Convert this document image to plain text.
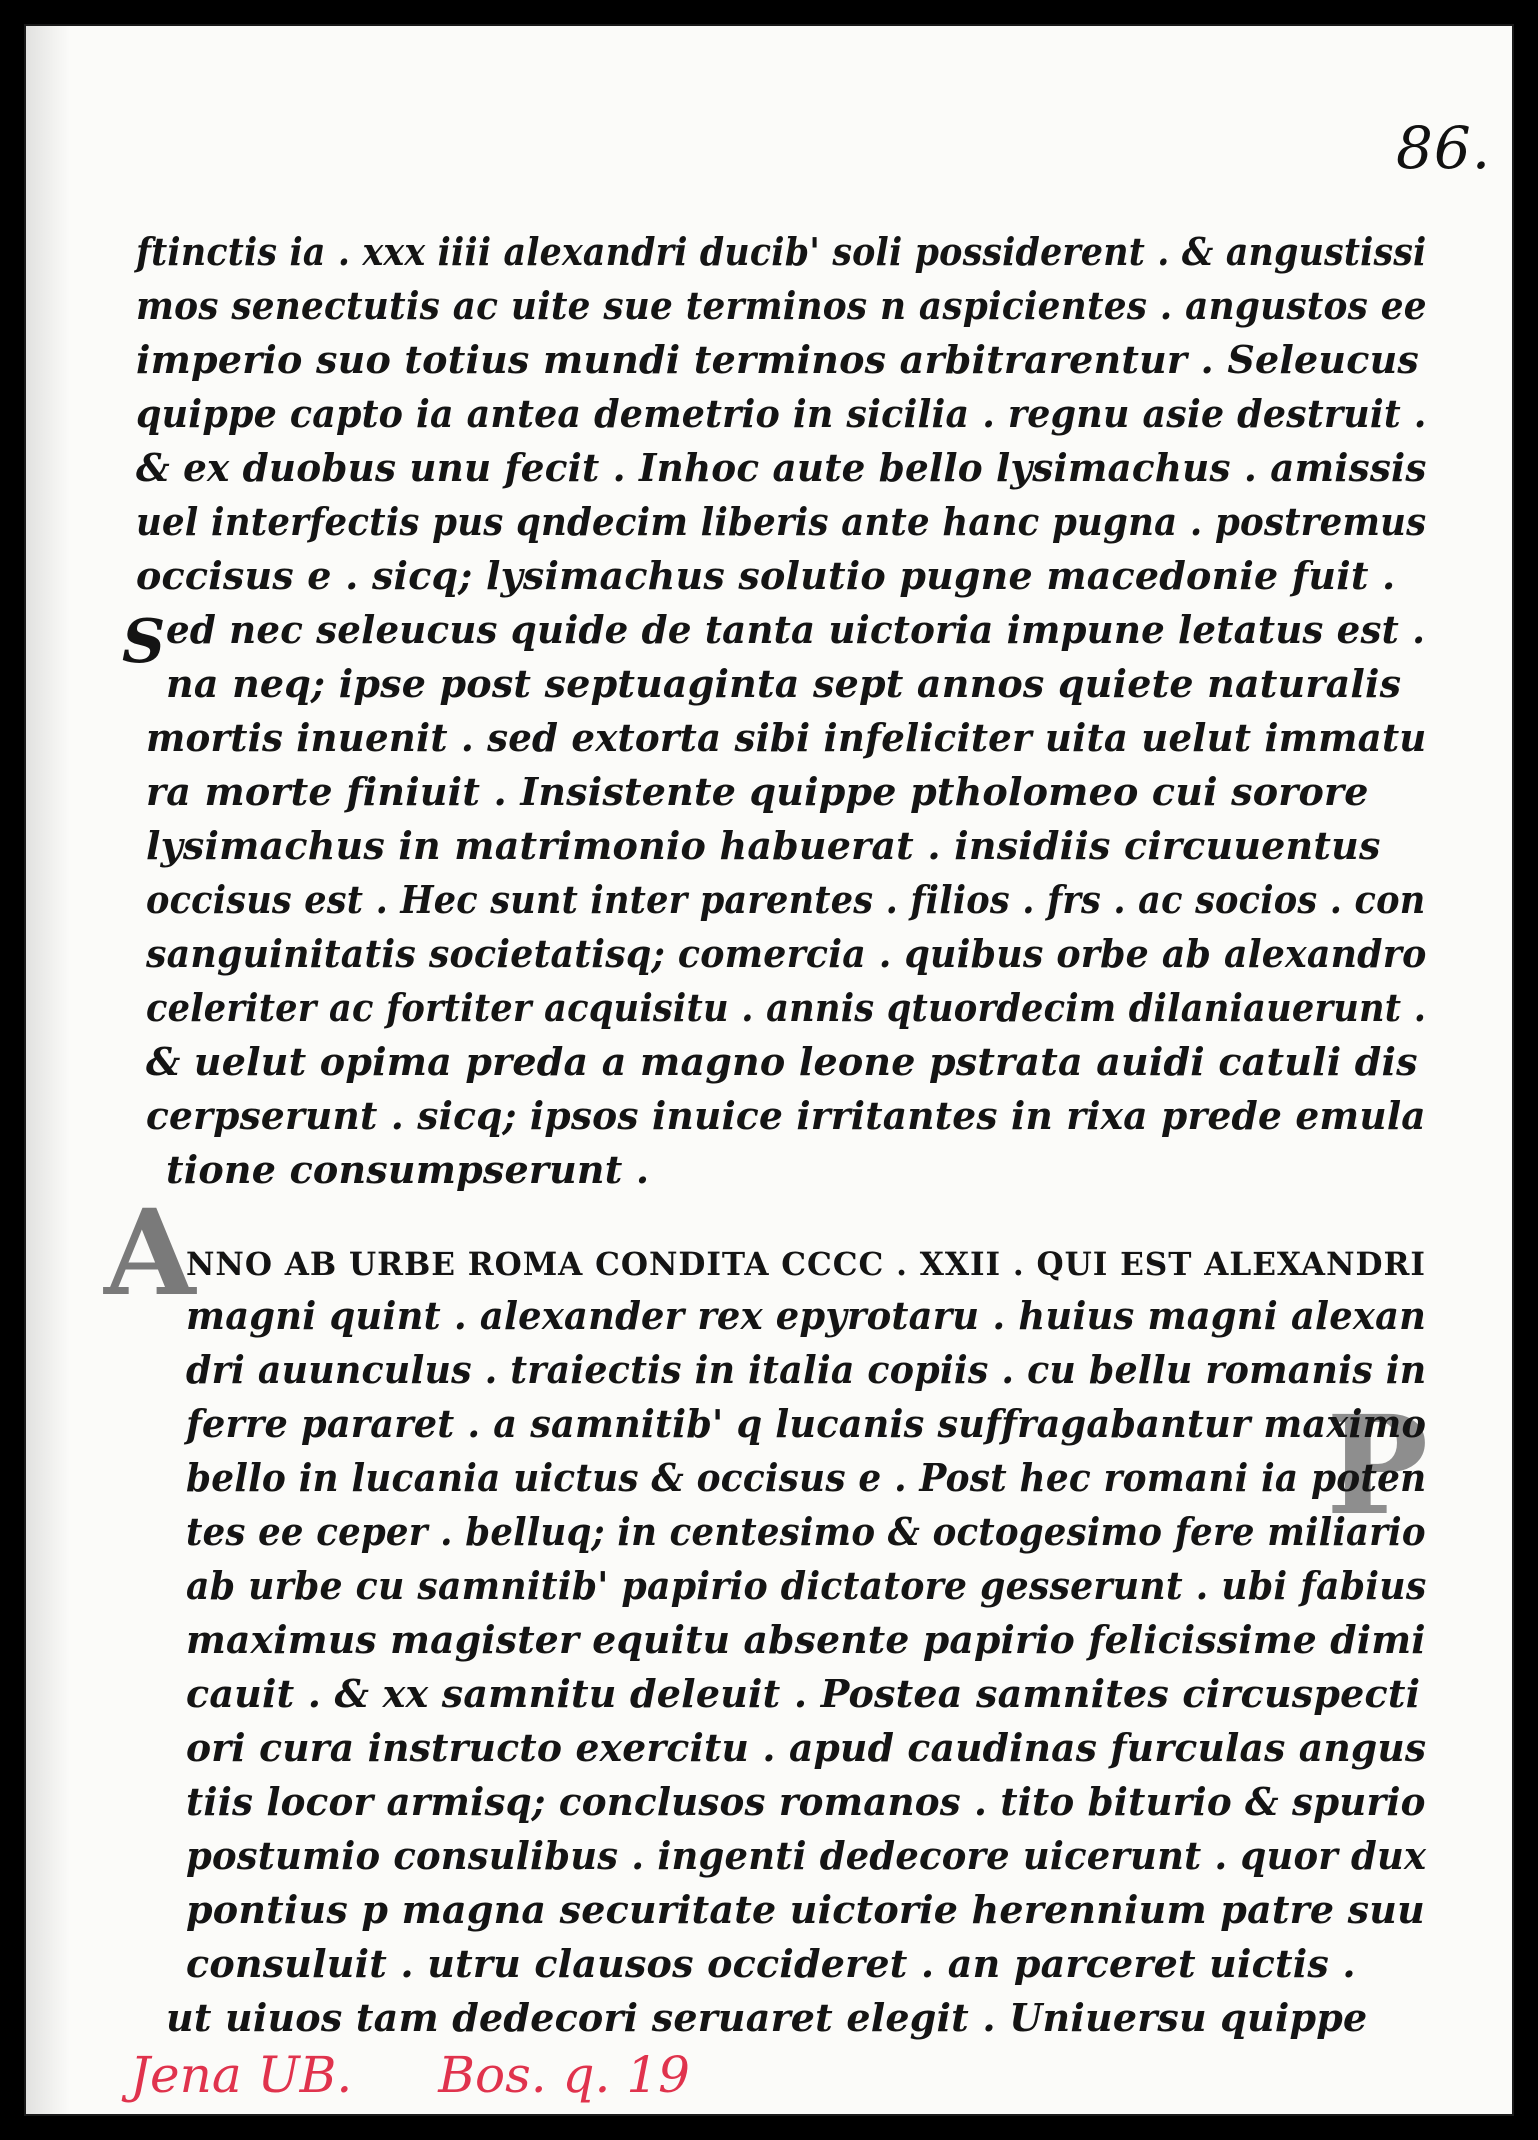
86.
S
A
P
ftinctis ia . xxx iiii alexandri ducib' soli possiderent . & angustissi
mos senectutis ac uite sue terminos n aspicientes . angustos ee
imperio suo totius mundi terminos arbitrarentur . Seleucus
quippe capto ia antea demetrio in sicilia . regnu asie destruit .
& ex duobus unu fecit . Inhoc aute bello lysimachus . amissis
uel interfectis pus qndecim liberis ante hanc pugna . postremus
occisus e . sicq; lysimachus solutio pugne macedonie fuit .
ed nec seleucus quide de tanta uictoria impune letatus est .
na neq; ipse post septuaginta sept annos quiete naturalis
mortis inuenit . sed extorta sibi infeliciter uita uelut immatu
ra morte finiuit . Insistente quippe ptholomeo cui sorore
lysimachus in matrimonio habuerat . insidiis circuuentus
occisus est . Hec sunt inter parentes . filios . frs . ac socios . con
sanguinitatis societatisq; comercia . quibus orbe ab alexandro
celeriter ac fortiter acquisitu . annis qtuordecim dilaniauerunt .
& uelut opima preda a magno leone pstrata auidi catuli dis
cerpserunt . sicq; ipsos inuice irritantes in rixa prede emula
tione consumpserunt .
NNO AB URBE ROMA CONDITA CCCC . XXII . QUI EST ALEXANDRI
magni quint . alexander rex epyrotaru . huius magni alexan
dri auunculus . traiectis in italia copiis . cu bellu romanis in
ferre pararet . a samnitib' q lucanis suffragabantur maximo
bello in lucania uictus & occisus e . Post hec romani ia poten
tes ee ceper . belluq; in centesimo & octogesimo fere miliario
ab urbe cu samnitib' papirio dictatore gesserunt . ubi fabius
maximus magister equitu absente papirio felicissime dimi
cauit . & xx samnitu deleuit . Postea samnites circuspecti
ori cura instructo exercitu . apud caudinas furculas angus
tiis locor armisq; conclusos romanos . tito biturio & spurio
postumio consulibus . ingenti dedecore uicerunt . quor dux
pontius p magna securitate uictorie herennium patre suu
consuluit . utru clausos occideret . an parceret uictis .
ut uiuos tam dedecori seruaret elegit . Uniuersu quippe
Jena UB. Bos. q. 19
